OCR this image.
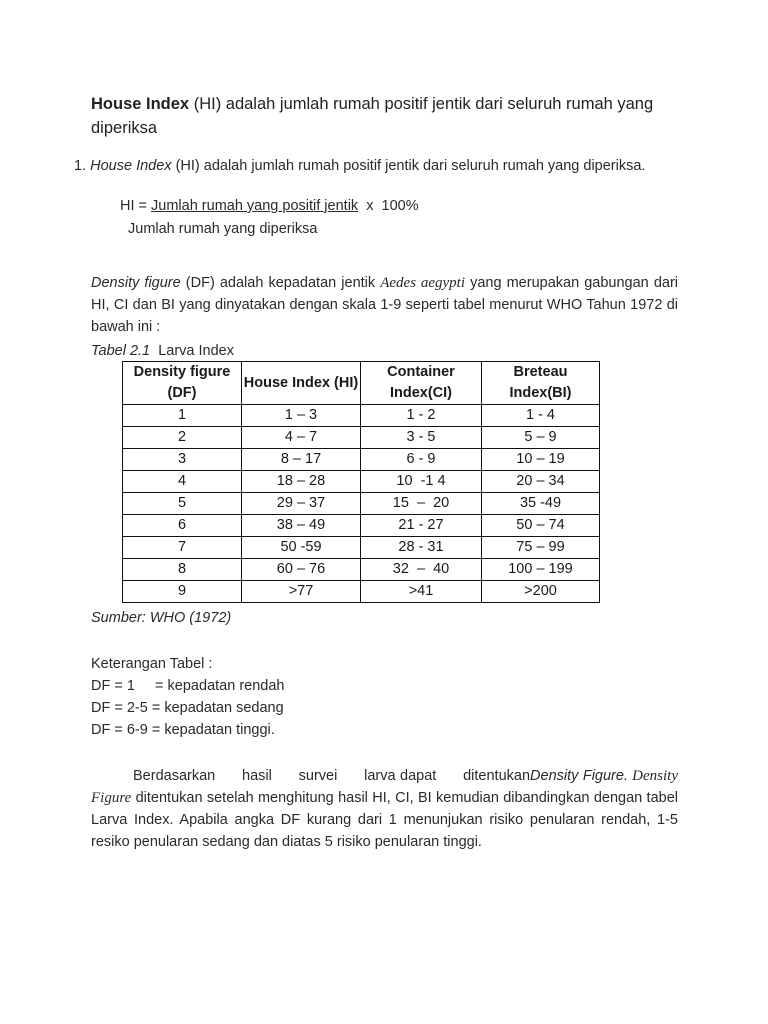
House Index (HI) adalah jumlah rumah positif jentik dari seluruh rumah yang diperiksa
1. House Index (HI) adalah jumlah rumah positif jentik dari seluruh rumah yang diperiksa.
HI = Jumlah rumah yang positif jentik  x  100%
Jumlah rumah yang diperiksa
Density figure (DF) adalah kepadatan jentik Aedes aegypti yang merupakan gabungan dari HI, CI dan BI yang dinyatakan dengan skala 1-9 seperti tabel menurut WHO Tahun 1972 di bawah ini :
Tabel 2.1  Larva Index
Density figure (DF)	House Index (HI)	Container Index(CI)	Breteau Index(BI)
1	1 – 3	1 - 2	1 - 4
2	4 – 7	3 - 5	5 – 9
3	8 – 17	6 - 9	10 – 19
4	18 – 28	10  -1 4	20 – 34
5	29 – 37	15  –  20	35 -49
6	38 – 49	21 - 27	50 – 74
7	50 -59	28 - 31	75 – 99
8	60 – 76	32  –  40	100 – 199
9	>77	>41	>200
Sumber: WHO (1972)
Keterangan Tabel :
DF = 1     = kepadatan rendah
DF = 2-5 = kepadatan sedang
DF = 6-9 = kepadatan tinggi.
Berdasarkan      hasil      survei      larva dapat      ditentukanDensity Figure. Density Figure ditentukan setelah menghitung hasil HI, CI, BI kemudian dibandingkan dengan tabel Larva Index. Apabila angka DF kurang dari 1 menunjukan risiko penularan rendah, 1-5 resiko penularan sedang dan diatas 5 risiko penularan tinggi.
